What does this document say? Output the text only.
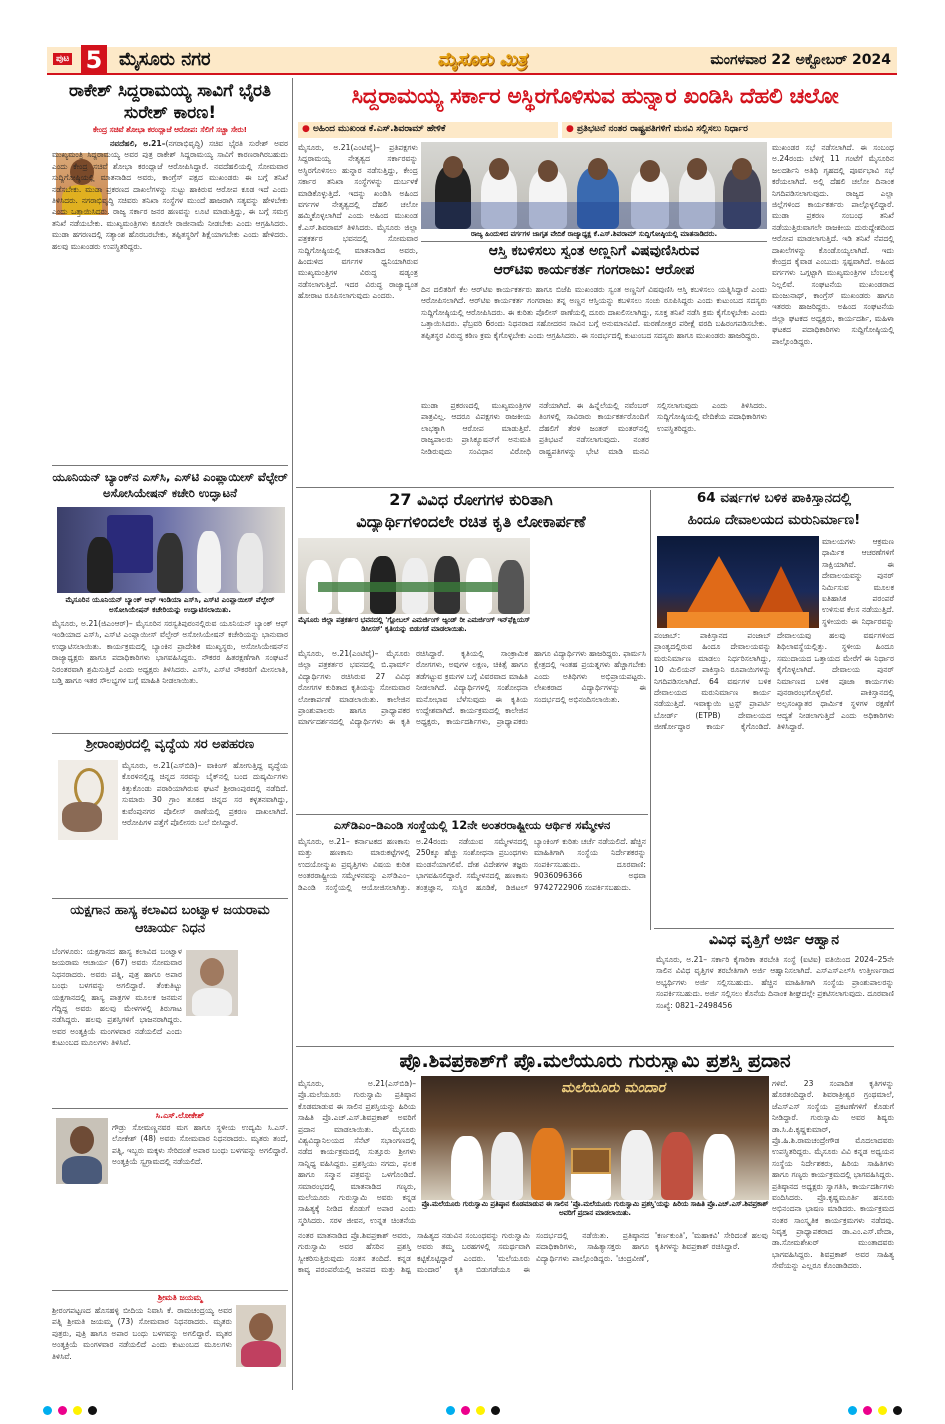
ಪುಟ 5 ಮೈಸೂರು ನಗರ	ಮೈಸೂರು ಮಿತ್ರ	ಮಂಗಳವಾರ 22 ಅಕ್ಟೋಬರ್ 2024
ರಾಕೇಶ್ ಸಿದ್ದರಾಮಯ್ಯ ಸಾವಿಗೆ ಭೈರತಿ ಸುರೇಶ್ ಕಾರಣ!
ಕೇಂದ್ರ ಸಚಿವೆ ಶೋಭಾ ಕರಂದ್ಲಾಜೆ ಆರೋಪ: ಸೆಲಿಗೆ ಸಚ್ಚಾ ಸೇರು!
ನವದೆಹಲಿ, ಅ.21–(ನಗರಾಭಿವೃದ್ಧಿ) ಸಚಿವ ಭೈರತಿ ಸುರೇಶ್ ಅವರ ಮುಖ್ಯಮಂತ್ರಿ ಸಿದ್ದರಾಮಯ್ಯ ಅವರ ಪುತ್ರ ರಾಕೇಶ್ ಸಿದ್ದರಾಮಯ್ಯ ಸಾವಿಗೆ ಕಾರಣರಾಗಿರಬಹುದು ಎಂದು ಕೇಂದ್ರ ಸಚಿವೆ ಶೋಭಾ ಕರಂದ್ಲಾಜೆ ಆರೋಪಿಸಿದ್ದಾರೆ. ನವದೆಹಲಿಯಲ್ಲಿ ಸೋಮವಾರ ಸುದ್ದಿಗೋಷ್ಠಿಯಲ್ಲಿ ಮಾತನಾಡಿದ ಅವರು, ಕಾಂಗ್ರೆಸ್ ಪಕ್ಷದ ಮುಖಂಡರು ಈ ಬಗ್ಗೆ ತನಿಖೆ ನಡೆಸಬೇಕು. ಮುಡಾ ಪ್ರಕರಣದ ದಾಖಲೆಗಳನ್ನು ಸುಟ್ಟು ಹಾಕಿರುವ ಆರೋಪ ಕೂಡ ಇದೆ ಎಂದು ತಿಳಿಸಿದರು. ನಗರಾಭಿವೃದ್ಧಿ ಸಚಿವರು ತನಿಖಾ ಸಂಸ್ಥೆಗಳ ಮುಂದೆ ಹಾಜರಾಗಿ ಸತ್ಯವನ್ನು ಹೇಳಬೇಕು ಎಂದು ಒತ್ತಾಯಿಸಿದರು. ರಾಜ್ಯ ಸರ್ಕಾರ ಜನರ ಹಣವನ್ನು ಲೂಟಿ ಮಾಡುತ್ತಿದ್ದು, ಈ ಬಗ್ಗೆ ಸಮಗ್ರ ತನಿಖೆ ನಡೆಯಬೇಕು. ಮುಖ್ಯಮಂತ್ರಿಗಳು ಕೂಡಲೇ ರಾಜೀನಾಮೆ ನೀಡಬೇಕು ಎಂದು ಆಗ್ರಹಿಸಿದರು. ಮುಡಾ ಹಗರಣದಲ್ಲಿ ಸತ್ಯಾಂಶ ಹೊರಬರಬೇಕು, ತಪ್ಪಿತಸ್ಥರಿಗೆ ಶಿಕ್ಷೆಯಾಗಬೇಕು ಎಂದು ಹೇಳಿದರು. ಹಲವು ಮುಖಂಡರು ಉಪಸ್ಥಿತರಿದ್ದರು.
ಯೂನಿಯನ್ ಬ್ಯಾಂಕ್‌ನ ಎಸ್‌ಸಿ, ಎಸ್‌ಟಿ ಎಂಪ್ಲಾಯೀಸ್ ವೆಲ್ಫೇರ್ ಅಸೋಸಿಯೇಷನ್ ಕಚೇರಿ ಉದ್ಘಾಟನೆ
ಮೈಸೂರಿನ ಯೂನಿಯನ್ ಬ್ಯಾಂಕ್ ಆಫ್ ಇಂಡಿಯಾ ಎಸ್‌ಸಿ, ಎಸ್‌ಟಿ ಎಂಪ್ಲಾಯೀಸ್ ವೆಲ್ಫೇರ್ ಅಸೋಸಿಯೇಷನ್ ಕಚೇರಿಯನ್ನು ಉದ್ಘಾಟಿಸಲಾಯಿತು.
ಮೈಸೂರು, ಅ.21(ಜಿಎಂಆರ್)– ಮೈಸೂರಿನ ಸರಸ್ವತಿಪುರಂನಲ್ಲಿರುವ ಯೂನಿಯನ್ ಬ್ಯಾಂಕ್ ಆಫ್ ಇಂಡಿಯಾದ ಎಸ್‌ಸಿ, ಎಸ್‌ಟಿ ಎಂಪ್ಲಾಯೀಸ್ ವೆಲ್ಫೇರ್ ಅಸೋಸಿಯೇಷನ್ ಕಚೇರಿಯನ್ನು ಭಾನುವಾರ ಉದ್ಘಾಟಿಸಲಾಯಿತು. ಕಾರ್ಯಕ್ರಮದಲ್ಲಿ ಬ್ಯಾಂಕಿನ ಪ್ರಾದೇಶಿಕ ಮುಖ್ಯಸ್ಥರು, ಅಸೋಸಿಯೇಷನ್‌ನ ರಾಜ್ಯಾಧ್ಯಕ್ಷರು ಹಾಗೂ ಪದಾಧಿಕಾರಿಗಳು ಭಾಗವಹಿಸಿದ್ದರು. ನೌಕರರ ಹಿತರಕ್ಷಣೆಗಾಗಿ ಸಂಘಟನೆ ನಿರಂತರವಾಗಿ ಶ್ರಮಿಸುತ್ತಿದೆ ಎಂದು ಅಧ್ಯಕ್ಷರು ತಿಳಿಸಿದರು. ಎಸ್‌ಸಿ, ಎಸ್‌ಟಿ ನೌಕರರಿಗೆ ಮೀಸಲಾತಿ, ಬಡ್ತಿ ಹಾಗೂ ಇತರ ಸೌಲಭ್ಯಗಳ ಬಗ್ಗೆ ಮಾಹಿತಿ ನೀಡಲಾಯಿತು.
ಶ್ರೀರಾಂಪುರದಲ್ಲಿ ವೃದ್ಧೆಯ ಸರ ಅಪಹರಣ
ಮೈಸೂರು, ಅ.21(ಎಸ್‌ಬಿಡಿ)– ವಾಕಿಂಗ್ ಹೋಗುತ್ತಿದ್ದ ವೃದ್ಧೆಯ ಕೊರಳಿನಲ್ಲಿದ್ದ ಚಿನ್ನದ ಸರವನ್ನು ಬೈಕ್‌ನಲ್ಲಿ ಬಂದ ದುಷ್ಕರ್ಮಿಗಳು ಕಿತ್ತುಕೊಂಡು ಪರಾರಿಯಾಗಿರುವ ಘಟನೆ ಶ್ರೀರಾಂಪುರದಲ್ಲಿ ನಡೆದಿದೆ. ಸುಮಾರು 30 ಗ್ರಾಂ ತೂಕದ ಚಿನ್ನದ ಸರ ಕಳ್ಳತನವಾಗಿದ್ದು, ಕುವೆಂಪುನಗರ ಪೊಲೀಸ್ ಠಾಣೆಯಲ್ಲಿ ಪ್ರಕರಣ ದಾಖಲಾಗಿದೆ. ಆರೋಪಿಗಳ ಪತ್ತೆಗೆ ಪೊಲೀಸರು ಬಲೆ ಬೀಸಿದ್ದಾರೆ.
ಯಕ್ಷಗಾನ ಹಾಸ್ಯ ಕಲಾವಿದ ಬಂಟ್ವಾಳ ಜಯರಾಮ ಆಚಾರ್ಯ ನಿಧನ
ಬೆಂಗಳೂರು: ಯಕ್ಷಗಾನದ ಹಾಸ್ಯ ಕಲಾವಿದ ಬಂಟ್ವಾಳ ಜಯರಾಮ ಆಚಾರ್ಯ (67) ಅವರು ಸೋಮವಾರ ನಿಧನರಾದರು. ಅವರು ಪತ್ನಿ, ಪುತ್ರ ಹಾಗೂ ಅಪಾರ ಬಂಧು ಬಳಗವನ್ನು ಅಗಲಿದ್ದಾರೆ. ತೆಂಕುತಿಟ್ಟು ಯಕ್ಷಗಾನದಲ್ಲಿ ಹಾಸ್ಯ ಪಾತ್ರಗಳ ಮೂಲಕ ಜನಮನ ಗೆದ್ದಿದ್ದ ಅವರು ಹಲವು ಮೇಳಗಳಲ್ಲಿ ತಿರುಗಾಟ ನಡೆಸಿದ್ದರು. ಹಲವು ಪ್ರಶಸ್ತಿಗಳಿಗೆ ಭಾಜನರಾಗಿದ್ದರು. ಅವರ ಅಂತ್ಯಕ್ರಿಯೆ ಮಂಗಳವಾರ ನಡೆಯಲಿದೆ ಎಂದು ಕುಟುಂಬದ ಮೂಲಗಳು ತಿಳಿಸಿವೆ.
ಸಿ.ಎಸ್.ಲೋಕೇಶ್
ಗೌಡ್ರು ಸೋಮಣ್ಣನವರ ಮಗ ಹಾಗೂ ಸ್ಥಳೀಯ ಉದ್ಯಮಿ ಸಿ.ಎಸ್. ಲೋಕೇಶ್ (48) ಅವರು ಸೋಮವಾರ ನಿಧನರಾದರು. ಮೃತರು ತಂದೆ, ಪತ್ನಿ, ಇಬ್ಬರು ಮಕ್ಕಳು ಸೇರಿದಂತೆ ಅಪಾರ ಬಂಧು ಬಳಗವನ್ನು ಅಗಲಿದ್ದಾರೆ. ಅಂತ್ಯಕ್ರಿಯೆ ಸ್ವಗ್ರಾಮದಲ್ಲಿ ನಡೆಯಲಿದೆ.
ಶ್ರೀಮತಿ ಜಯಮ್ಮ
ಶ್ರೀರಂಗಪಟ್ಟಣದ ಹೊಸಹಳ್ಳಿ ಬೀದಿಯ ನಿವಾಸಿ ಕೆ. ರಾಮಚಂದ್ರಯ್ಯ ಅವರ ಪತ್ನಿ ಶ್ರೀಮತಿ ಜಯಮ್ಮ (73) ಸೋಮವಾರ ನಿಧನರಾದರು. ಮೃತರು ಪುತ್ರರು, ಪುತ್ರಿ ಹಾಗೂ ಅಪಾರ ಬಂಧು ಬಳಗವನ್ನು ಅಗಲಿದ್ದಾರೆ. ಮೃತರ ಅಂತ್ಯಕ್ರಿಯೆ ಮಂಗಳವಾರ ನಡೆಯಲಿದೆ ಎಂದು ಕುಟುಂಬದ ಮೂಲಗಳು ತಿಳಿಸಿವೆ.
ಸಿದ್ದರಾಮಯ್ಯ ಸರ್ಕಾರ ಅಸ್ಥಿರಗೊಳಿಸುವ ಹುನ್ನಾರ ಖಂಡಿಸಿ ದೆಹಲಿ ಚಲೋ
● ಅಹಿಂದ ಮುಖಂಡ ಕೆ.ಎಸ್.ಶಿವರಾಮ್ ಹೇಳಿಕೆ	● ಪ್ರತಿಭಟನೆ ನಂತರ ರಾಷ್ಟ್ರಪತಿಗಳಿಗೆ ಮನವಿ ಸಲ್ಲಿಸಲು ನಿರ್ಧಾರ
ಮೈಸೂರು, ಅ.21(ಎಂಟಿವೈ)– ಪ್ರತಿಪಕ್ಷಗಳು ಸಿದ್ದರಾಮಯ್ಯ ನೇತೃತ್ವದ ಸರ್ಕಾರವನ್ನು ಅಸ್ಥಿರಗೊಳಿಸಲು ಹುನ್ನಾರ ನಡೆಸುತ್ತಿದ್ದು, ಕೇಂದ್ರ ಸರ್ಕಾರ ತನಿಖಾ ಸಂಸ್ಥೆಗಳನ್ನು ದುರ್ಬಳಕೆ ಮಾಡಿಕೊಳ್ಳುತ್ತಿದೆ. ಇದನ್ನು ಖಂಡಿಸಿ ಅಹಿಂದ ವರ್ಗಗಳ ನೇತೃತ್ವದಲ್ಲಿ ದೆಹಲಿ ಚಲೋ ಹಮ್ಮಿಕೊಳ್ಳಲಾಗಿದೆ ಎಂದು ಅಹಿಂದ ಮುಖಂಡ ಕೆ.ಎಸ್.ಶಿವರಾಮ್ ತಿಳಿಸಿದರು. ಮೈಸೂರು ಜಿಲ್ಲಾ ಪತ್ರಕರ್ತರ ಭವನದಲ್ಲಿ ಸೋಮವಾರ ಸುದ್ದಿಗೋಷ್ಠಿಯಲ್ಲಿ ಮಾತನಾಡಿದ ಅವರು, ಹಿಂದುಳಿದ ವರ್ಗಗಳ ಧ್ವನಿಯಾಗಿರುವ ಮುಖ್ಯಮಂತ್ರಿಗಳ ವಿರುದ್ಧ ಷಡ್ಯಂತ್ರ ನಡೆಸಲಾಗುತ್ತಿದೆ. ಇದರ ವಿರುದ್ಧ ರಾಜ್ಯಾದ್ಯಂತ ಹೋರಾಟ ರೂಪಿಸಲಾಗುವುದು ಎಂದರು.
ರಾಜ್ಯ ಹಿಂದುಳಿದ ವರ್ಗಗಳ ಜಾಗೃತ ವೇದಿಕೆ ರಾಜ್ಯಾಧ್ಯಕ್ಷ ಕೆ.ಎಸ್.ಶಿವರಾಮ್ ಸುದ್ದಿಗೋಷ್ಠಿಯಲ್ಲಿ ಮಾತನಾಡಿದರು.
ಮುಖಂಡರ ಸಭೆ ನಡೆಸಲಾಗಿದೆ. ಈ ಸಂಬಂಧ ಅ.24ರಂದು ಬೆಳಿಗ್ಗೆ 11 ಗಂಟೆಗೆ ಮೈಸೂರಿನ ಜಲದರ್ಶಿನಿ ಅತಿಥಿ ಗೃಹದಲ್ಲಿ ಪೂರ್ವಭಾವಿ ಸಭೆ ಕರೆಯಲಾಗಿದೆ. ಅಲ್ಲಿ ದೆಹಲಿ ಚಲೋ ದಿನಾಂಕ ನಿಗದಿಪಡಿಸಲಾಗುವುದು. ರಾಜ್ಯದ ಎಲ್ಲಾ ಜಿಲ್ಲೆಗಳಿಂದ ಕಾರ್ಯಕರ್ತರು ಪಾಲ್ಗೊಳ್ಳಲಿದ್ದಾರೆ. ಮುಡಾ ಪ್ರಕರಣ ಸಂಬಂಧ ತನಿಖೆ ನಡೆಯುತ್ತಿರುವಾಗಲೇ ರಾಜಕೀಯ ದುರುದ್ದೇಶದಿಂದ ಆರೋಪ ಮಾಡಲಾಗುತ್ತಿದೆ. ಇಡಿ ತನಿಖೆ ನೆಪದಲ್ಲಿ ದಾಖಲೆಗಳನ್ನು ಕೊಂಡೊಯ್ಯಲಾಗಿದೆ. ಇದು ಕೇಂದ್ರದ ಕೈವಾಡ ಎಂಬುದು ಸ್ಪಷ್ಟವಾಗಿದೆ. ಅಹಿಂದ ವರ್ಗಗಳು ಒಗ್ಗಟ್ಟಾಗಿ ಮುಖ್ಯಮಂತ್ರಿಗಳ ಬೆಂಬಲಕ್ಕೆ ನಿಲ್ಲಲಿವೆ. ಸಂಘಟನೆಯ ಮುಖಂಡರಾದ ಮಂಜುನಾಥ್, ಕಾಂಗ್ರೆಸ್ ಮುಖಂಡರು ಹಾಗೂ ಇತರರು ಹಾಜರಿದ್ದರು. ಅಹಿಂದ ಸಂಘಟನೆಯ ಜಿಲ್ಲಾ ಘಟಕದ ಅಧ್ಯಕ್ಷರು, ಕಾರ್ಯದರ್ಶಿ, ಮಹಿಳಾ ಘಟಕದ ಪದಾಧಿಕಾರಿಗಳು ಸುದ್ದಿಗೋಷ್ಠಿಯಲ್ಲಿ ಪಾಲ್ಗೊಂಡಿದ್ದರು.
ಆಸ್ತಿ ಕಬಳಿಸಲು ಸ್ವಂತ ಅಣ್ಣನಿಗೆ ವಿಷವುಣಿಸಿರುವ
ಆರ್‌ಟಿಐ ಕಾರ್ಯಕರ್ತ ಗಂಗರಾಜು: ಆರೋಪ
ದಿನ ದಲಿತರಿಗೆ ಕೆಲ ಆರ್‌ಟಿಐ ಕಾರ್ಯಕರ್ತರು ಹಾಗೂ ಬಿಜೆಪಿ ಮುಖಂಡರು ಸ್ವಂತ ಅಣ್ಣನಿಗೆ ವಿಷವುಣಿಸಿ ಆಸ್ತಿ ಕಬಳಿಸಲು ಯತ್ನಿಸಿದ್ದಾರೆ ಎಂದು ಆರೋಪಿಸಲಾಗಿದೆ. ಆರ್‌ಟಿಐ ಕಾರ್ಯಕರ್ತ ಗಂಗರಾಜು ತನ್ನ ಅಣ್ಣನ ಆಸ್ತಿಯನ್ನು ಕಬಳಿಸಲು ಸಂಚು ರೂಪಿಸಿದ್ದರು ಎಂದು ಕುಟುಂಬದ ಸದಸ್ಯರು ಸುದ್ದಿಗೋಷ್ಠಿಯಲ್ಲಿ ಆರೋಪಿಸಿದರು. ಈ ಕುರಿತು ಪೊಲೀಸ್ ಠಾಣೆಯಲ್ಲಿ ದೂರು ದಾಖಲಿಸಲಾಗಿದ್ದು, ಸೂಕ್ತ ತನಿಖೆ ನಡೆಸಿ ಕ್ರಮ ಕೈಗೊಳ್ಳಬೇಕು ಎಂದು ಒತ್ತಾಯಿಸಿದರು. ಫೆಬ್ರವರಿ 6ರಂದು ನಿಧನರಾದ ಸಹೋದರನ ಸಾವಿನ ಬಗ್ಗೆ ಅನುಮಾನವಿದೆ. ಮರಣೋತ್ತರ ಪರೀಕ್ಷೆ ವರದಿ ಬಹಿರಂಗಪಡಿಸಬೇಕು. ತಪ್ಪಿತಸ್ಥರ ವಿರುದ್ಧ ಕಠಿಣ ಕ್ರಮ ಕೈಗೊಳ್ಳಬೇಕು ಎಂದು ಆಗ್ರಹಿಸಿದರು. ಈ ಸಂದರ್ಭದಲ್ಲಿ ಕುಟುಂಬದ ಸದಸ್ಯರು ಹಾಗೂ ಮುಖಂಡರು ಹಾಜರಿದ್ದರು.
ಮುಡಾ ಪ್ರಕರಣದಲ್ಲಿ ಮುಖ್ಯಮಂತ್ರಿಗಳ ಪಾತ್ರವಿಲ್ಲ. ಆದರೂ ವಿಪಕ್ಷಗಳು ರಾಜಕೀಯ ಲಾಭಕ್ಕಾಗಿ ಆರೋಪ ಮಾಡುತ್ತಿವೆ. ರಾಜ್ಯಪಾಲರು ಪ್ರಾಸಿಕ್ಯೂಷನ್‌ಗೆ ಅನುಮತಿ ನೀಡಿರುವುದು ಸಂವಿಧಾನ ವಿರೋಧಿ ನಡೆಯಾಗಿದೆ. ಈ ಹಿನ್ನೆಲೆಯಲ್ಲಿ ನವೆಂಬರ್ ತಿಂಗಳಲ್ಲಿ ಸಾವಿರಾರು ಕಾರ್ಯಕರ್ತರೊಂದಿಗೆ ದೆಹಲಿಗೆ ತೆರಳಿ ಜಂತರ್ ಮಂತರ್‌ನಲ್ಲಿ ಪ್ರತಿಭಟನೆ ನಡೆಸಲಾಗುವುದು. ನಂತರ ರಾಷ್ಟ್ರಪತಿಗಳನ್ನು ಭೇಟಿ ಮಾಡಿ ಮನವಿ ಸಲ್ಲಿಸಲಾಗುವುದು ಎಂದು ತಿಳಿಸಿದರು. ಸುದ್ದಿಗೋಷ್ಠಿಯಲ್ಲಿ ವೇದಿಕೆಯ ಪದಾಧಿಕಾರಿಗಳು ಉಪಸ್ಥಿತರಿದ್ದರು.
27 ವಿವಿಧ ರೋಗಗಳ ಕುರಿತಾಗಿ
ವಿದ್ಯಾರ್ಥಿಗಳಿಂದಲೇ ರಚಿತ ಕೃತಿ ಲೋಕಾರ್ಪಣೆ
ಮೈಸೂರು ಜಿಲ್ಲಾ ಪತ್ರಕರ್ತರ ಭವನದಲ್ಲಿ 'ಗ್ಲೋಬಲ್ ಎಮರ್ಜಿಂಗ್ ಆ್ಯಂಡ್ ರೀ ಎಮರ್ಜಿಂಗ್ ಇನ್‌ಫೆಕ್ಷಿಯಸ್ ಡಿಸೀಸಸ್' ಕೃತಿಯನ್ನು ಬಿಡುಗಡೆ ಮಾಡಲಾಯಿತು.
ಮೈಸೂರು, ಅ.21(ಎಂಟಿವೈ)– ಮೈಸೂರು ಜಿಲ್ಲಾ ಪತ್ರಕರ್ತರ ಭವನದಲ್ಲಿ ಬಿ.ಫಾರ್ಮ್ ವಿದ್ಯಾರ್ಥಿಗಳು ರಚಿಸಿರುವ 27 ವಿವಿಧ ರೋಗಗಳ ಕುರಿತಾದ ಕೃತಿಯನ್ನು ಸೋಮವಾರ ಲೋಕಾರ್ಪಣೆ ಮಾಡಲಾಯಿತು. ಕಾಲೇಜಿನ ಪ್ರಾಂಶುಪಾಲರು ಹಾಗೂ ಪ್ರಾಧ್ಯಾಪಕರ ಮಾರ್ಗದರ್ಶನದಲ್ಲಿ ವಿದ್ಯಾರ್ಥಿಗಳು ಈ ಕೃತಿ ರಚಿಸಿದ್ದಾರೆ. ಕೃತಿಯಲ್ಲಿ ಸಾಂಕ್ರಾಮಿಕ ರೋಗಗಳು, ಅವುಗಳ ಲಕ್ಷಣ, ಚಿಕಿತ್ಸೆ ಹಾಗೂ ತಡೆಗಟ್ಟುವ ಕ್ರಮಗಳ ಬಗ್ಗೆ ವಿವರವಾದ ಮಾಹಿತಿ ನೀಡಲಾಗಿದೆ. ವಿದ್ಯಾರ್ಥಿಗಳಲ್ಲಿ ಸಂಶೋಧನಾ ಮನೋಭಾವ ಬೆಳೆಸುವುದು ಈ ಕೃತಿಯ ಉದ್ದೇಶವಾಗಿದೆ. ಕಾರ್ಯಕ್ರಮದಲ್ಲಿ ಕಾಲೇಜಿನ ಅಧ್ಯಕ್ಷರು, ಕಾರ್ಯದರ್ಶಿಗಳು, ಪ್ರಾಧ್ಯಾಪಕರು ಹಾಗೂ ವಿದ್ಯಾರ್ಥಿಗಳು ಹಾಜರಿದ್ದರು. ಫಾರ್ಮಸಿ ಕ್ಷೇತ್ರದಲ್ಲಿ ಇಂತಹ ಪ್ರಯತ್ನಗಳು ಹೆಚ್ಚಾಗಬೇಕು ಎಂದು ಅತಿಥಿಗಳು ಅಭಿಪ್ರಾಯಪಟ್ಟರು. ಲೇಖಕರಾದ ವಿದ್ಯಾರ್ಥಿಗಳನ್ನು ಈ ಸಂದರ್ಭದಲ್ಲಿ ಅಭಿನಂದಿಸಲಾಯಿತು.
64 ವರ್ಷಗಳ ಬಳಿಕ ಪಾಕಿಸ್ತಾನದಲ್ಲಿ
ಹಿಂದೂ ದೇವಾಲಯದ ಮರುನಿರ್ಮಾಣ!
ಮಾಲಯಗಳು ಆಕ್ರಮಣ ಧಾರ್ಮಿಕ ಆಚರಣೆಗಳಿಗೆ ಸಾಕ್ಷಿಯಾಗಿವೆ. ಈ ದೇವಾಲಯವನ್ನು ಪುನರ್ ನಿರ್ಮಿಸುವ ಮೂಲಕ ಐತಿಹಾಸಿಕ ಪರಂಪರೆ ಉಳಿಸುವ ಕೆಲಸ ನಡೆಯುತ್ತಿದೆ. ಸ್ಥಳೀಯರು ಈ ನಿರ್ಧಾರವನ್ನು
ಪಂಜಾಬ್: ಪಾಕಿಸ್ತಾನದ ಪಂಜಾಬ್ ಪ್ರಾಂತ್ಯದಲ್ಲಿರುವ ಹಿಂದೂ ದೇವಾಲಯವನ್ನು ಮರುನಿರ್ಮಾಣ ಮಾಡಲು ನಿರ್ಧರಿಸಲಾಗಿದ್ದು, 10 ಮಿಲಿಯನ್ ಪಾಕಿಸ್ತಾನಿ ರೂಪಾಯಿಗಳನ್ನು ನಿಗದಿಪಡಿಸಲಾಗಿದೆ. 64 ವರ್ಷಗಳ ಬಳಿಕ ದೇವಾಲಯದ ಮರುನಿರ್ಮಾಣ ಕಾರ್ಯ ನಡೆಯುತ್ತಿದೆ. ಇವಾಕ್ಯುಯಿ ಟ್ರಸ್ಟ್ ಪ್ರಾಪರ್ಟಿ ಬೋರ್ಡ್ (ETPB) ದೇವಾಲಯದ ಜೀರ್ಣೋದ್ಧಾರ ಕಾರ್ಯ ಕೈಗೊಂಡಿದೆ. ದೇವಾಲಯವು ಹಲವು ವರ್ಷಗಳಿಂದ ಶಿಥಿಲಾವಸ್ಥೆಯಲ್ಲಿತ್ತು. ಸ್ಥಳೀಯ ಹಿಂದೂ ಸಮುದಾಯದ ಒತ್ತಾಯದ ಮೇರೆಗೆ ಈ ನಿರ್ಧಾರ ಕೈಗೊಳ್ಳಲಾಗಿದೆ. ದೇವಾಲಯ ಪುನರ್ ನಿರ್ಮಾಣದ ಬಳಿಕ ಪೂಜಾ ಕಾರ್ಯಗಳು ಪುನರಾರಂಭಗೊಳ್ಳಲಿವೆ. ಪಾಕಿಸ್ತಾನದಲ್ಲಿ ಅಲ್ಪಸಂಖ್ಯಾತರ ಧಾರ್ಮಿಕ ಸ್ಥಳಗಳ ರಕ್ಷಣೆಗೆ ಆದ್ಯತೆ ನೀಡಲಾಗುತ್ತಿದೆ ಎಂದು ಅಧಿಕಾರಿಗಳು ತಿಳಿಸಿದ್ದಾರೆ.
ಎಸ್‌ಡಿಎಂ–ಡಿಎಂಡಿ ಸಂಸ್ಥೆಯಲ್ಲಿ 12ನೇ ಅಂತರರಾಷ್ಟ್ರೀಯ ಆರ್ಥಿಕ ಸಮ್ಮೇಳನ
ಮೈಸೂರು, ಅ.21– ಕರ್ನಾಟಕದ ಹಣಕಾಸು ಮತ್ತು ಹಣಕಾಸು ಮಾರುಕಟ್ಟೆಗಳಲ್ಲಿ ಉದಯೋನ್ಮುಖ ಪ್ರವೃತ್ತಿಗಳು ವಿಷಯ ಕುರಿತ ಅಂತರರಾಷ್ಟ್ರೀಯ ಸಮ್ಮೇಳನವನ್ನು ಎಸ್‌ಡಿಎಂ–ಡಿಎಂಡಿ ಸಂಸ್ಥೆಯಲ್ಲಿ ಆಯೋಜಿಸಲಾಗಿತ್ತು. ಅ.24ರಂದು ನಡೆಯುವ ಸಮ್ಮೇಳನದಲ್ಲಿ 250ಕ್ಕೂ ಹೆಚ್ಚು ಸಂಶೋಧನಾ ಪ್ರಬಂಧಗಳು ಮಂಡನೆಯಾಗಲಿವೆ. ದೇಶ ವಿದೇಶಗಳ ತಜ್ಞರು ಭಾಗವಹಿಸಲಿದ್ದಾರೆ. ಸಮ್ಮೇಳನದಲ್ಲಿ ಹಣಕಾಸು ತಂತ್ರಜ್ಞಾನ, ಸುಸ್ಥಿರ ಹೂಡಿಕೆ, ಡಿಜಿಟಲ್ ಬ್ಯಾಂಕಿಂಗ್ ಕುರಿತು ಚರ್ಚೆ ನಡೆಯಲಿದೆ. ಹೆಚ್ಚಿನ ಮಾಹಿತಿಗಾಗಿ ಸಂಸ್ಥೆಯ ನಿರ್ದೇಶಕರನ್ನು ಸಂಪರ್ಕಿಸಬಹುದು. ದೂರವಾಣಿ: 9036096366 ಅಥವಾ 9742722906 ಸಂಪರ್ಕಿಸಬಹುದು.
ವಿವಿಧ ವೃತ್ತಿಗೆ ಅರ್ಜಿ ಆಹ್ವಾನ
ಮೈಸೂರು, ಅ.21– ಸರ್ಕಾರಿ ಕೈಗಾರಿಕಾ ತರಬೇತಿ ಸಂಸ್ಥೆ (ಐಟಿಐ) ವತಿಯಿಂದ 2024–25ನೇ ಸಾಲಿನ ವಿವಿಧ ವೃತ್ತಿಗಳ ತರಬೇತಿಗಾಗಿ ಅರ್ಜಿ ಆಹ್ವಾನಿಸಲಾಗಿದೆ. ಎಸ್‌ಎಸ್‌ಎಲ್‌ಸಿ ಉತ್ತೀರ್ಣರಾದ ಅಭ್ಯರ್ಥಿಗಳು ಅರ್ಜಿ ಸಲ್ಲಿಸಬಹುದು. ಹೆಚ್ಚಿನ ಮಾಹಿತಿಗಾಗಿ ಸಂಸ್ಥೆಯ ಪ್ರಾಂಶುಪಾಲರನ್ನು ಸಂಪರ್ಕಿಸಬಹುದು. ಅರ್ಜಿ ಸಲ್ಲಿಸಲು ಕೊನೆಯ ದಿನಾಂಕ ಶೀಘ್ರದಲ್ಲೇ ಪ್ರಕಟಿಸಲಾಗುವುದು. ದೂರವಾಣಿ ಸಂಖ್ಯೆ: 0821–2498456
ಪ್ರೊ.ಶಿವಪ್ರಕಾಶ್‌ಗೆ ಪ್ರೊ.ಮಲೆಯೂರು ಗುರುಸ್ವಾಮಿ ಪ್ರಶಸ್ತಿ ಪ್ರದಾನ
ಮೈಸೂರು, ಅ.21(ಎಸ್‌ಬಿಡಿ)– ಪ್ರೊ.ಮಲೆಯೂರು ಗುರುಸ್ವಾಮಿ ಪ್ರತಿಷ್ಠಾನ ಕೊಡಮಾಡುವ ಈ ಸಾಲಿನ ಪ್ರಶಸ್ತಿಯನ್ನು ಹಿರಿಯ ಸಾಹಿತಿ ಪ್ರೊ.ಎಚ್.ಎಸ್.ಶಿವಪ್ರಕಾಶ್ ಅವರಿಗೆ ಪ್ರದಾನ ಮಾಡಲಾಯಿತು. ಮೈಸೂರು ವಿಶ್ವವಿದ್ಯಾನಿಲಯದ ಸೆನೆಟ್ ಸಭಾಂಗಣದಲ್ಲಿ ನಡೆದ ಕಾರ್ಯಕ್ರಮದಲ್ಲಿ ಸುತ್ತೂರು ಶ್ರೀಗಳು ಸಾನ್ನಿಧ್ಯ ವಹಿಸಿದ್ದರು. ಪ್ರಶಸ್ತಿಯು ನಗದು, ಫಲಕ ಹಾಗೂ ಸನ್ಮಾನ ಪತ್ರವನ್ನು ಒಳಗೊಂಡಿದೆ. ಸಮಾರಂಭದಲ್ಲಿ ಮಾತನಾಡಿದ ಗಣ್ಯರು, ಮಲೆಯೂರು ಗುರುಸ್ವಾಮಿ ಅವರು ಕನ್ನಡ ಸಾಹಿತ್ಯಕ್ಕೆ ನೀಡಿದ ಕೊಡುಗೆ ಅಪಾರ ಎಂದು ಸ್ಮರಿಸಿದರು. ಸರಳ ಜೀವನ, ಉನ್ನತ ಚಿಂತನೆಯ
ಮಲೆಯೂರು ಮಂದಾರ
ಪ್ರೊ.ಮಲೆಯೂರು ಗುರುಸ್ವಾಮಿ ಪ್ರತಿಷ್ಠಾನ ಕೊಡಮಾಡುವ ಈ ಸಾಲಿನ 'ಪ್ರೊ.ಮಲೆಯೂರು ಗುರುಸ್ವಾಮಿ ಪ್ರಶಸ್ತಿ'ಯನ್ನು ಹಿರಿಯ ಸಾಹಿತಿ ಪ್ರೊ.ಎಚ್.ಎಸ್.ಶಿವಪ್ರಕಾಶ್ ಅವರಿಗೆ ಪ್ರದಾನ ಮಾಡಲಾಯಿತು.
ಗಳಿವೆ. 23 ಸಂಪಾದಿತ ಕೃತಿಗಳನ್ನು ಹೊರತಂದಿದ್ದಾರೆ. ಶಿವರಾತ್ರೀಶ್ವರ ಗ್ರಂಥಮಾಲೆ, ಜೆಎಸ್‌ಎಸ್ ಸಂಸ್ಥೆಯ ಪ್ರಕಟಣೆಗಳಿಗೆ ಕೊಡುಗೆ ನೀಡಿದ್ದಾರೆ. ಗುರುಸ್ವಾಮಿ ಅವರ ಶಿಷ್ಯರು ಡಾ.ಸಿ.ಪಿ.ಕೃಷ್ಣಕುಮಾರ್, ಪ್ರೊ.ಹಿ.ಶಿ.ರಾಮಚಂದ್ರೇಗೌಡ ಮೊದಲಾದವರು ಉಪಸ್ಥಿತರಿದ್ದರು. ಮೈಸೂರು ವಿವಿ ಕನ್ನಡ ಅಧ್ಯಯನ ಸಂಸ್ಥೆಯ ನಿರ್ದೇಶಕರು, ಹಿರಿಯ ಸಾಹಿತಿಗಳು ಹಾಗೂ ಗಣ್ಯರು ಕಾರ್ಯಕ್ರಮದಲ್ಲಿ ಭಾಗವಹಿಸಿದ್ದರು. ಪ್ರತಿಷ್ಠಾನದ ಅಧ್ಯಕ್ಷರು ಸ್ವಾಗತಿಸಿ, ಕಾರ್ಯದರ್ಶಿಗಳು ವಂದಿಸಿದರು. ಪ್ರೊ.ಕೃಷ್ಣಮೂರ್ತಿ ಹನೂರು ಅಭಿನಂದನಾ ಭಾಷಣ ಮಾಡಿದರು. ಕಾರ್ಯಕ್ರಮದ ನಂತರ ಸಾಂಸ್ಕೃತಿಕ ಕಾರ್ಯಕ್ರಮಗಳು ನಡೆದವು. ನಿವೃತ್ತ ಪ್ರಾಧ್ಯಾಪಕರಾದ ಡಾ.ಎಂ.ಎಸ್.ವೇದಾ, ಡಾ.ಸೋಮಶೇಖರ್ ಮುಂತಾದವರು ಭಾಗವಹಿಸಿದ್ದರು. ಶಿವಪ್ರಕಾಶ್ ಅವರ ಸಾಹಿತ್ಯ ಸೇವೆಯನ್ನು ಎಲ್ಲರೂ ಕೊಂಡಾಡಿದರು.
ನಂತರ ಮಾತನಾಡಿದ ಪ್ರೊ.ಶಿವಪ್ರಕಾಶ್ ಅವರು, ಗುರುಸ್ವಾಮಿ ಅವರ ಹೆಸರಿನ ಪ್ರಶಸ್ತಿ ಸ್ವೀಕರಿಸುತ್ತಿರುವುದು ಸಂತಸ ತಂದಿದೆ. ಕನ್ನಡ ಕಾವ್ಯ ಪರಂಪರೆಯಲ್ಲಿ ಜನಪದ ಮತ್ತು ಶಿಷ್ಟ ಸಾಹಿತ್ಯದ ನಡುವಿನ ಸಂಬಂಧವನ್ನು ಗುರುಸ್ವಾಮಿ ಅವರು ತಮ್ಮ ಬರಹಗಳಲ್ಲಿ ಸಮರ್ಥವಾಗಿ ಕಟ್ಟಿಕೊಟ್ಟಿದ್ದಾರೆ ಎಂದರು. 'ಮಲೆಯೂರು ಮಂದಾರ' ಕೃತಿ ಬಿಡುಗಡೆಯೂ ಈ ಸಂದರ್ಭದಲ್ಲಿ ನಡೆಯಿತು. ಪ್ರತಿಷ್ಠಾನದ ಪದಾಧಿಕಾರಿಗಳು, ಸಾಹಿತ್ಯಾಸಕ್ತರು ಹಾಗೂ ವಿದ್ಯಾರ್ಥಿಗಳು ಪಾಲ್ಗೊಂಡಿದ್ದರು. 'ಚಂದ್ರವೀಣೆ', 'ಕರ್ಣಕುಂತಿ', 'ಮಹಾಕವಿ' ಸೇರಿದಂತೆ ಹಲವು ಕೃತಿಗಳನ್ನು ಶಿವಪ್ರಕಾಶ್ ರಚಿಸಿದ್ದಾರೆ.
